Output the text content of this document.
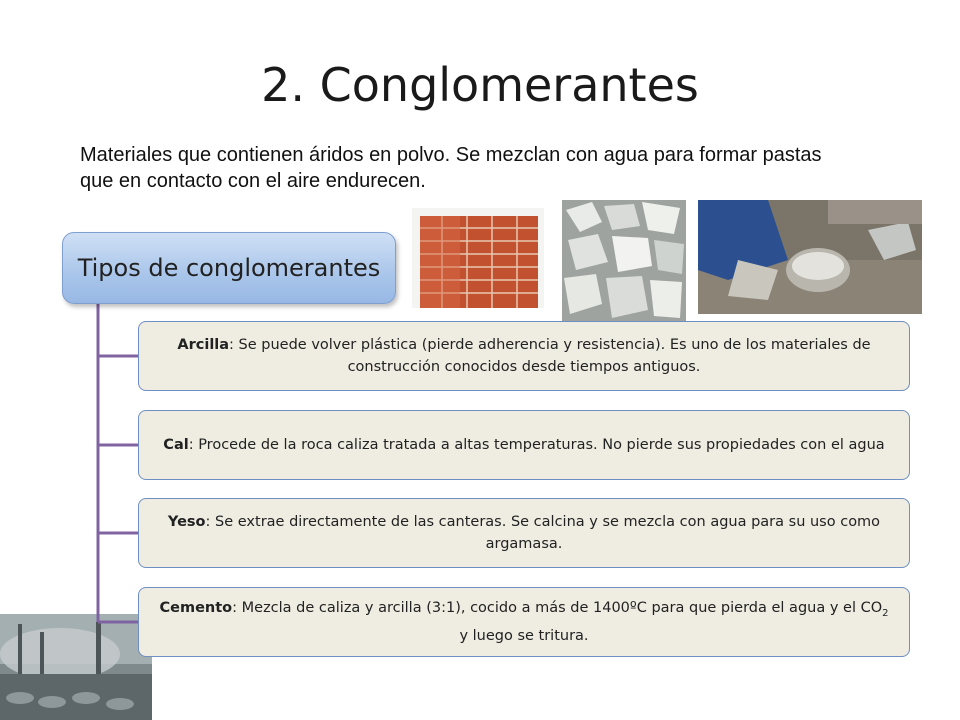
2. Conglomerantes
Materiales que contienen áridos en polvo. Se mezclan con agua para formar pastas que en contacto con el aire endurecen.
Tipos de conglomerantes
Arcilla: Se puede volver plástica (pierde adherencia y resistencia). Es uno de los materiales de construcción conocidos desde tiempos antiguos.
Cal: Procede de la roca caliza tratada a altas temperaturas. No pierde sus propiedades con el agua
Yeso: Se extrae directamente de las canteras. Se calcina y se mezcla con agua para su uso como argamasa.
Cemento: Mezcla de caliza y arcilla (3:1), cocido a más de 1400ºC para que pierda el agua y el $CO_2$ y luego se tritura.
